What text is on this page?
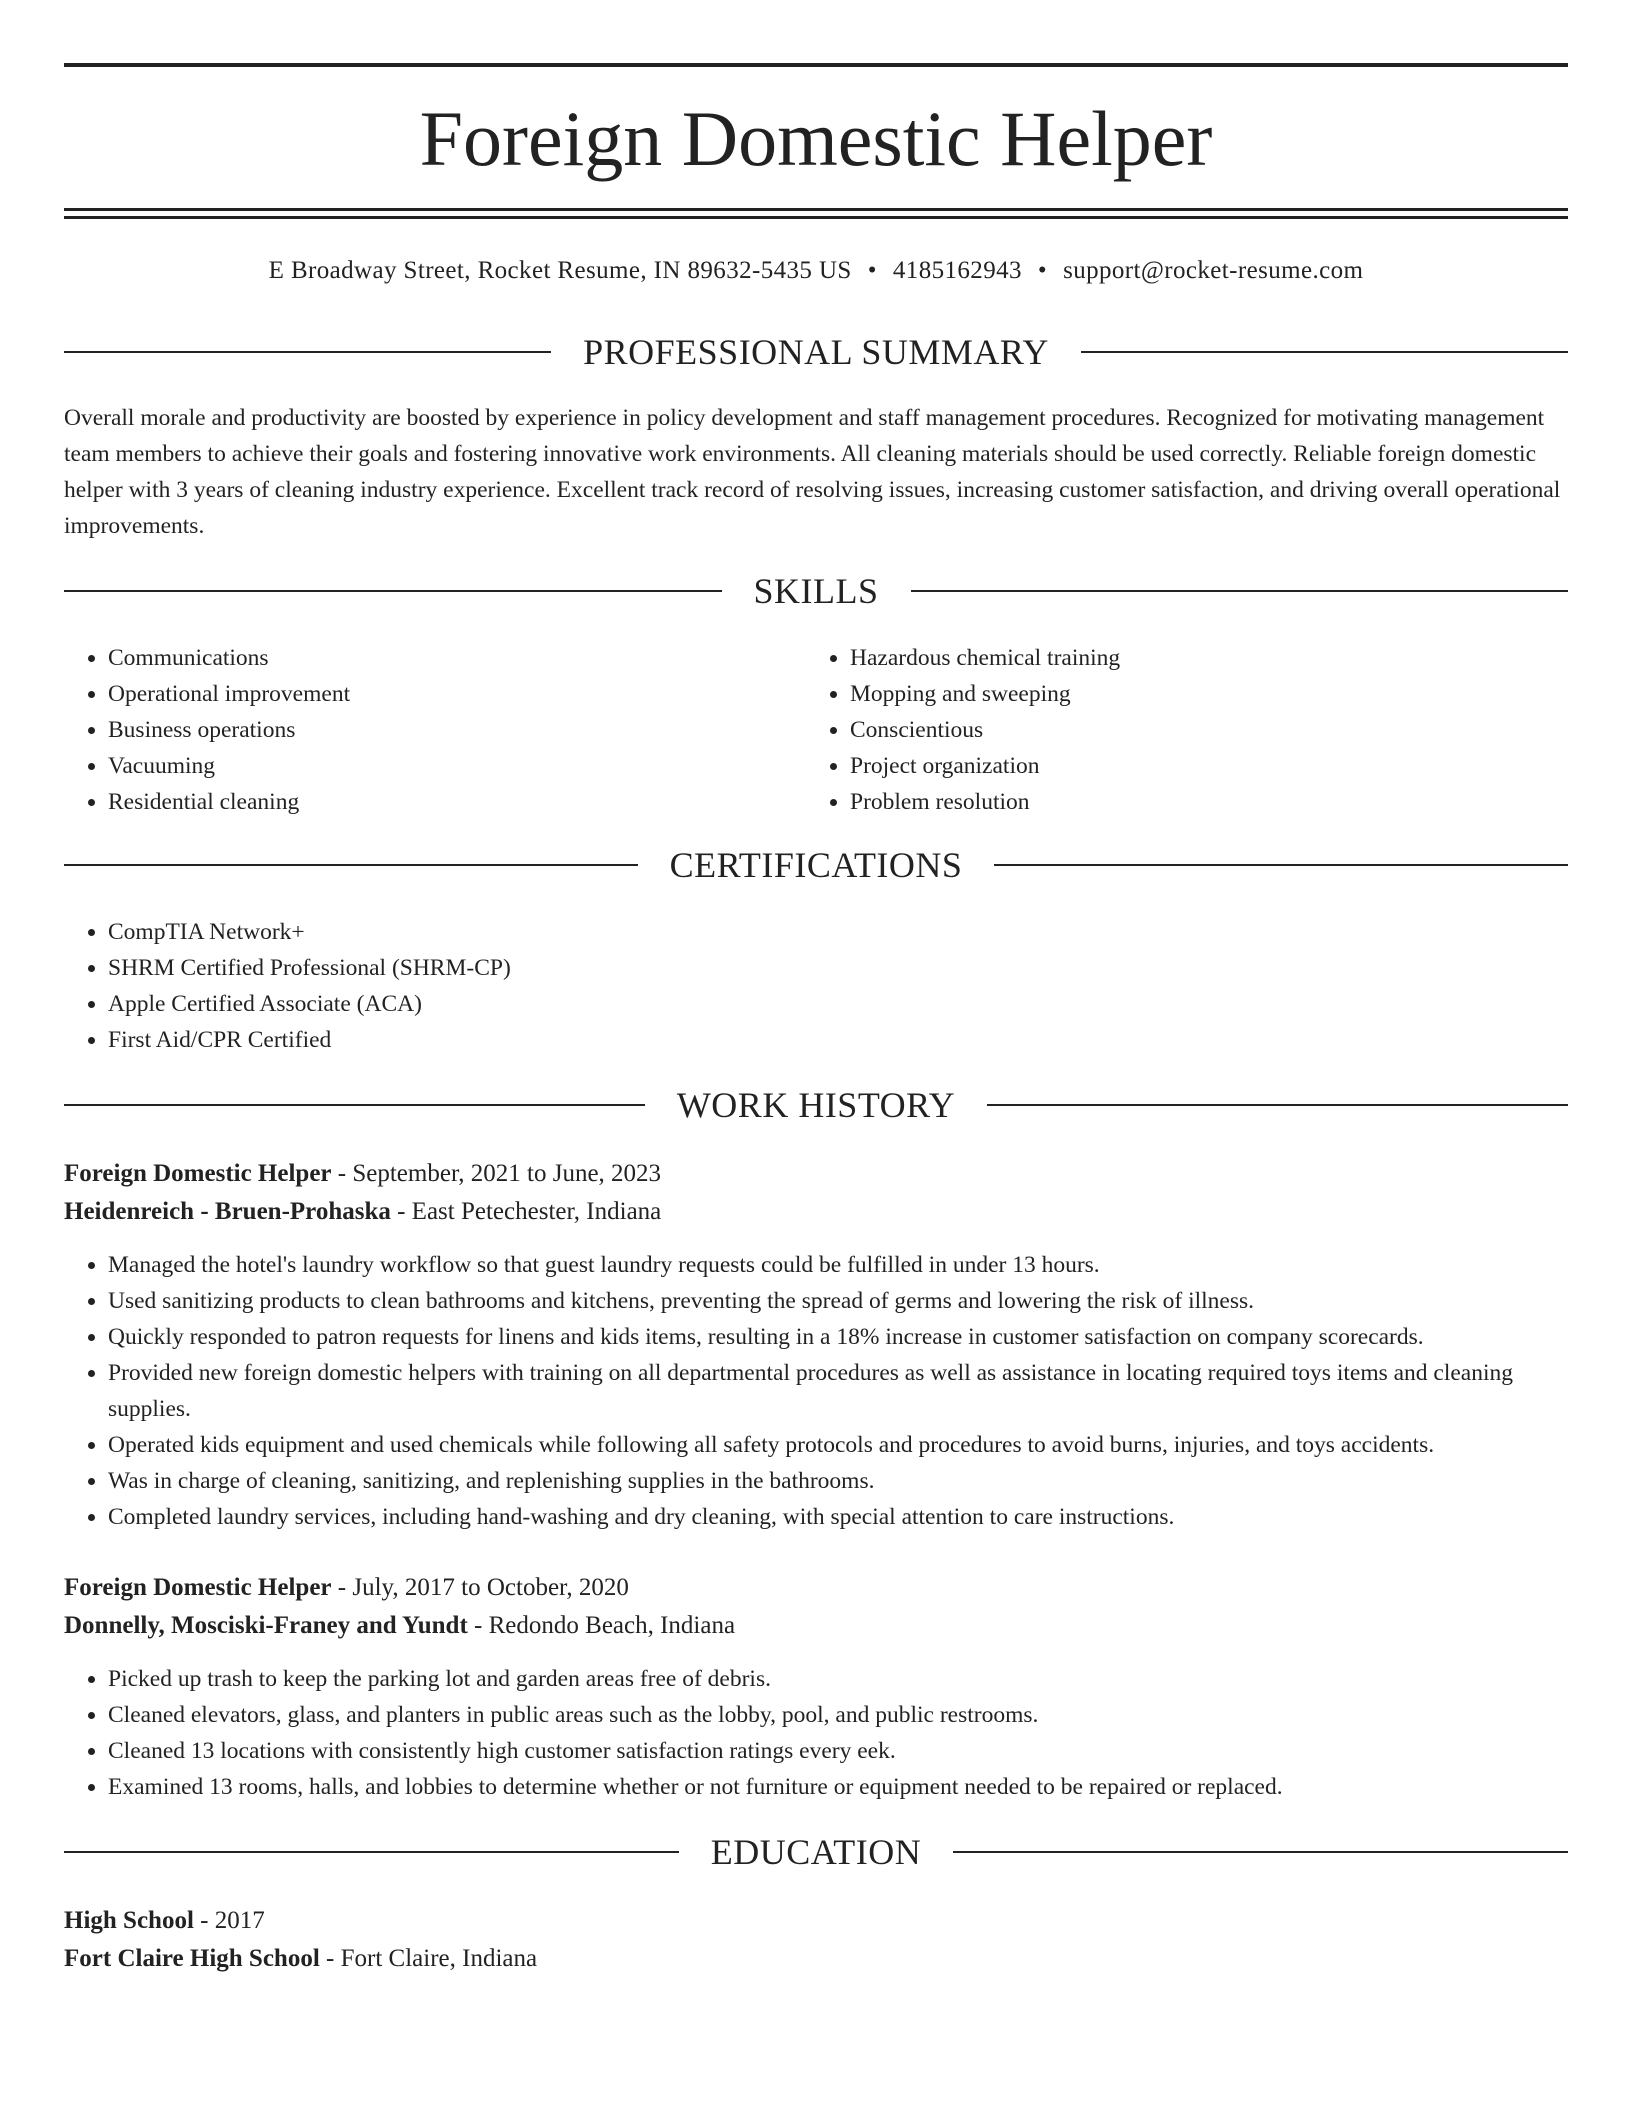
Foreign Domestic Helper
E Broadway Street, Rocket Resume, IN 89632-5435 US • 4185162943 • support@rocket-resume.com
PROFESSIONAL SUMMARY

Overall morale and productivity are boosted by experience in policy development and staff management procedures. Recognized for motivating management team members to achieve their goals and fostering innovative work environments. All cleaning materials should be used correctly. Reliable foreign domestic helper with 3 years of cleaning industry experience. Excellent track record of resolving issues, increasing customer satisfaction, and driving overall operational improvements.

SKILLS
• Communications
• Operational improvement
• Business operations
• Vacuuming
• Residential cleaning
• Hazardous chemical training
• Mopping and sweeping
• Conscientious
• Project organization
• Problem resolution
CERTIFICATIONS
• CompTIA Network+
• SHRM Certified Professional (SHRM-CP)
• Apple Certified Associate (ACA)
• First Aid/CPR Certified
WORK HISTORY

Foreign Domestic Helper - September, 2021 to June, 2023

Heidenreich - Bruen-Prohaska - East Petechester, Indiana

• Managed the hotel's laundry workflow so that guest laundry requests could be fulfilled in under 13 hours.
• Used sanitizing products to clean bathrooms and kitchens, preventing the spread of germs and lowering the risk of illness.
• Quickly responded to patron requests for linens and kids items, resulting in a 18% increase in customer satisfaction on company scorecards.
• Provided new foreign domestic helpers with training on all departmental procedures as well as assistance in locating required toys items and cleaning supplies.
• Operated kids equipment and used chemicals while following all safety protocols and procedures to avoid burns, injuries, and toys accidents.
• Was in charge of cleaning, sanitizing, and replenishing supplies in the bathrooms.
• Completed laundry services, including hand-washing and dry cleaning, with special attention to care instructions.

Foreign Domestic Helper - July, 2017 to October, 2020

Donnelly, Mosciski-Franey and Yundt - Redondo Beach, Indiana

• Picked up trash to keep the parking lot and garden areas free of debris.
• Cleaned elevators, glass, and planters in public areas such as the lobby, pool, and public restrooms.
• Cleaned 13 locations with consistently high customer satisfaction ratings every eek.
• Examined 13 rooms, halls, and lobbies to determine whether or not furniture or equipment needed to be repaired or replaced.
EDUCATION

High School - 2017

Fort Claire High School - Fort Claire, Indiana
